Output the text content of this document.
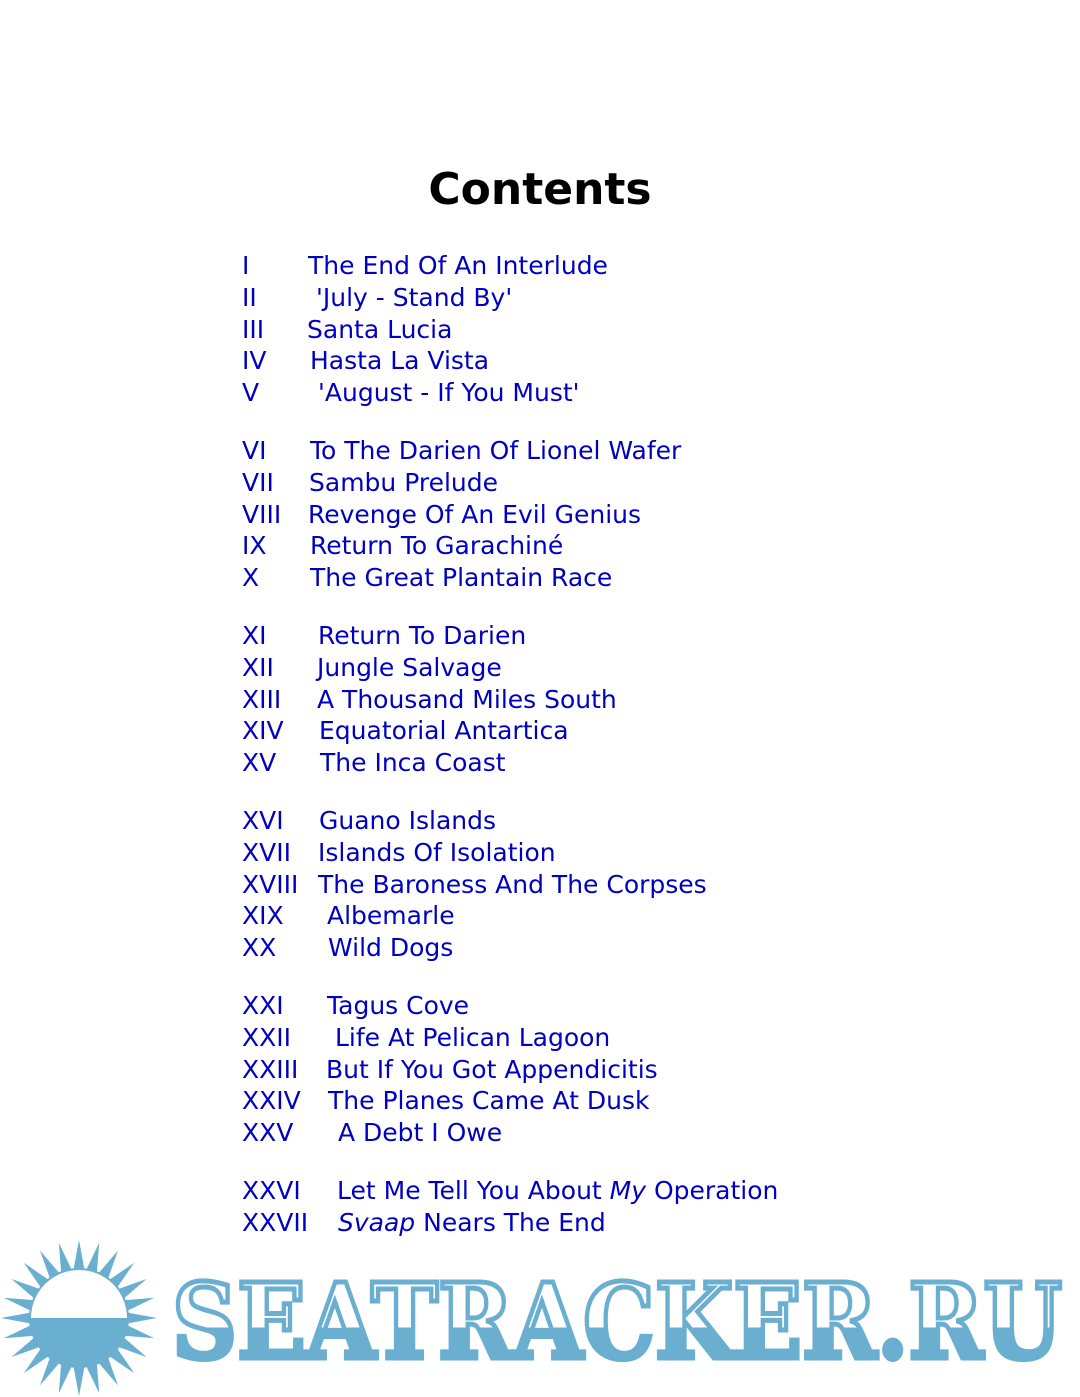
Contents
I The End Of An Interlude
II 'July - Stand By'
III Santa Lucia
IV Hasta La Vista
V 'August - If You Must'
VI To The Darien Of Lionel Wafer
VII Sambu Prelude
VIII Revenge Of An Evil Genius
IX Return To Garachiné
X The Great Plantain Race
XI Return To Darien
XII Jungle Salvage
XIII A Thousand Miles South
XIV Equatorial Antartica
XV The Inca Coast
XVI Guano Islands
XVII Islands Of Isolation
XVIII The Baroness And The Corpses
XIX Albemarle
XX Wild Dogs
XXI Tagus Cove
XXII Life At Pelican Lagoon
XXIII But If You Got Appendicitis
XXIV The Planes Came At Dusk
XXV A Debt I Owe
XXVI Let Me Tell You About My Operation
XXVII Svaap Nears The End
SEATRACKER.RU
